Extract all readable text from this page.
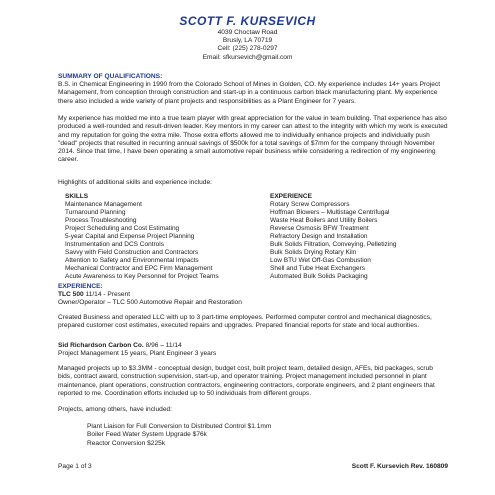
SCOTT F. KURSEVICH
4039 Choctaw Road
Brusly, LA 70719
Cell: (225) 278-0297
Email: sfkursevich@gmail.com
SUMMARY OF QUALIFICATIONS:
B.S. in Chemical Engineering in 1990 from the Colorado School of Mines in Golden, CO. My experience includes 14+ years Project Management, from conception through construction and start-up in a continuous carbon black manufacturing plant. My experience there also included a wide variety of plant projects and responsibilities as a Plant Engineer for 7 years.
My experience has molded me into a true team player with great appreciation for the value in team building. That experience has also produced a well-rounded and result-driven leader. Key mentors in my career can attest to the integrity with which my work is executed and my reputation for going the extra mile. Those extra efforts allowed me to individually enhance projects and individually push "dead" projects that resulted in recurring annual savings of $500k for a total savings of $7mm for the company through November 2014. Since that time, I have been operating a small automotive repair business while considering a redirection of my engineering career.
Highlights of additional skills and experience include:
SKILLS
Maintenance Management
Turnaround Planning
Process Troubleshooting
Project Scheduling and Cost Estimating
5-year Capital and Expense Project Planning
Instrumentation and DCS Controls
Savvy with Field Construction and Contractors
Attention to Safety and Environmental Impacts
Mechanical Contractor and EPC Firm Management
Acute Awareness to Key Personnel for Project Teams
EXPERIENCE
Rotary Screw Compressors
Hoffman Blowers – Multistage Centrifugal
Waste Heat Boilers and Utility Boilers
Reverse Osmosis BFW Treatment
Refractory Design and Installation
Bulk Solids Filtration, Conveying, Pelletizing
Bulk Solids Drying Rotary Kiln
Low BTU Wet Off-Gas Combustion
Shell and Tube Heat Exchangers
Automated Bulk Solids Packaging
EXPERIENCE:
TLC 500 11/14 - Present
Owner/Operator – TLC 500 Automotive Repair and Restoration
Created Business and operated LLC with up to 3 part-time employees. Performed computer control and mechanical diagnostics, prepared customer cost estimates, executed repairs and upgrades. Prepared financial reports for state and local authorities.
Sid Richardson Carbon Co. 8/96 – 11/14
Project Management 15 years, Plant Engineer 3 years
Managed projects up to $3.3MM - conceptual design, budget cost, built project team, detailed design, AFEs, bid packages, scrub bids, contract award, construction supervision, start-up, and operator training. Project management included personnel in plant maintenance, plant operations, construction contractors, engineering contractors, corporate engineers, and 2 plant engineers that reported to me. Coordination efforts included up to 50 individuals from different groups.
Projects, among others, have included:
Plant Liaison for Full Conversion to Distributed Control $1.1mm
Boiler Feed Water System Upgrade $76k
Reactor Conversion $225k
Page 1 of 3	Scott F. Kursevich Rev. 160809
